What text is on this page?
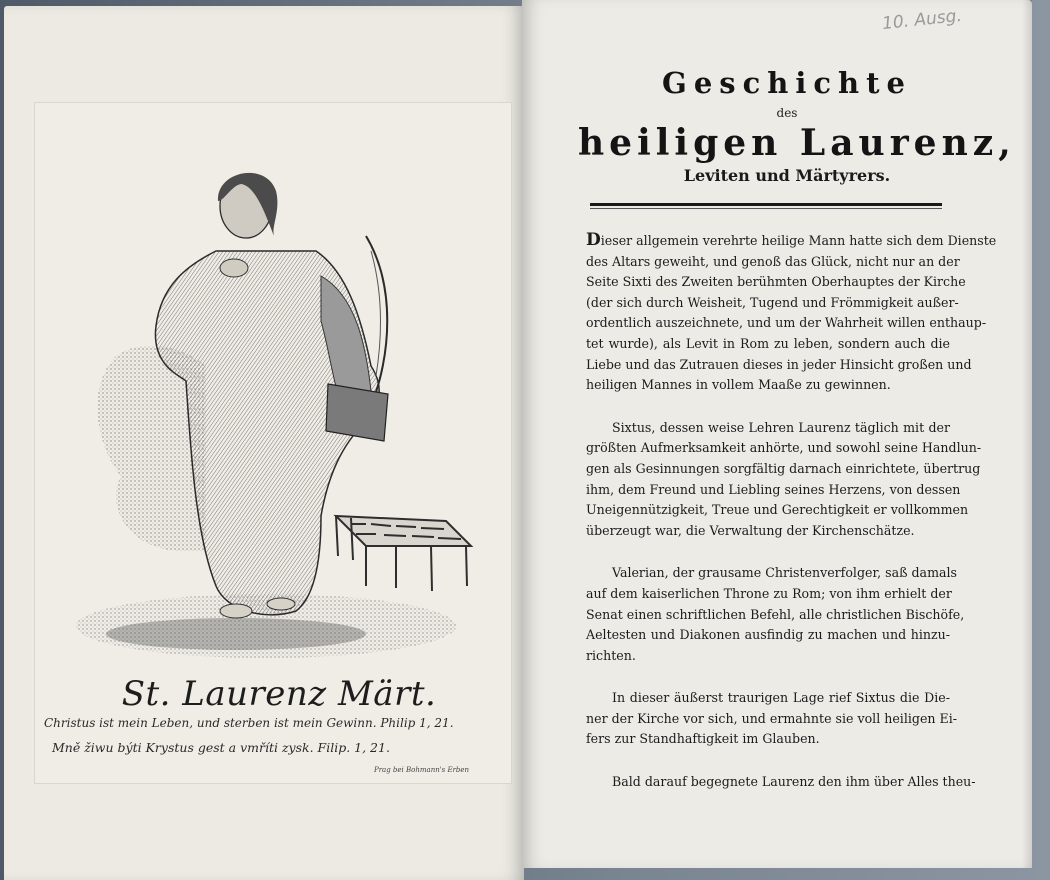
St. Laurenz Märt.
Christus ist mein Leben, und sterben ist mein Gewinn. Philip 1, 21.
Mně žiwu býti Krystus gest a vmříti zysk. Filip. 1, 21.
Prag bei Bohmann's Erben
10. Ausg.
Geschichte
des
heiligen Laurenz,
Leviten und Märtyrers.
Dieser allgemein verehrte heilige Mann hatte sich dem Dienste
des Altars geweiht, und genoß das Glück, nicht nur an der
Seite Sixti des Zweiten berühmten Oberhauptes der Kirche
(der sich durch Weisheit, Tugend und Frömmigkeit außer-
ordentlich auszeichnete, und um der Wahrheit willen enthaup-
tet wurde), als Levit in Rom zu leben, sondern auch die
Liebe und das Zutrauen dieses in jeder Hinsicht großen und
heiligen Mannes in vollem Maaße zu gewinnen.
Sixtus, dessen weise Lehren Laurenz täglich mit der
größten Aufmerksamkeit anhörte, und sowohl seine Handlun-
gen als Gesinnungen sorgfältig darnach einrichtete, übertrug
ihm, dem Freund und Liebling seines Herzens, von dessen
Uneigennützigkeit, Treue und Gerechtigkeit er vollkommen
überzeugt war, die Verwaltung der Kirchenschätze.
Valerian, der grausame Christenverfolger, saß damals
auf dem kaiserlichen Throne zu Rom; von ihm erhielt der
Senat einen schriftlichen Befehl, alle christlichen Bischöfe,
Aeltesten und Diakonen ausfindig zu machen und hinzu-
richten.
In dieser äußerst traurigen Lage rief Sixtus die Die-
ner der Kirche vor sich, und ermahnte sie voll heiligen Ei-
fers zur Standhaftigkeit im Glauben.
Bald darauf begegnete Laurenz den ihm über Alles theu-
